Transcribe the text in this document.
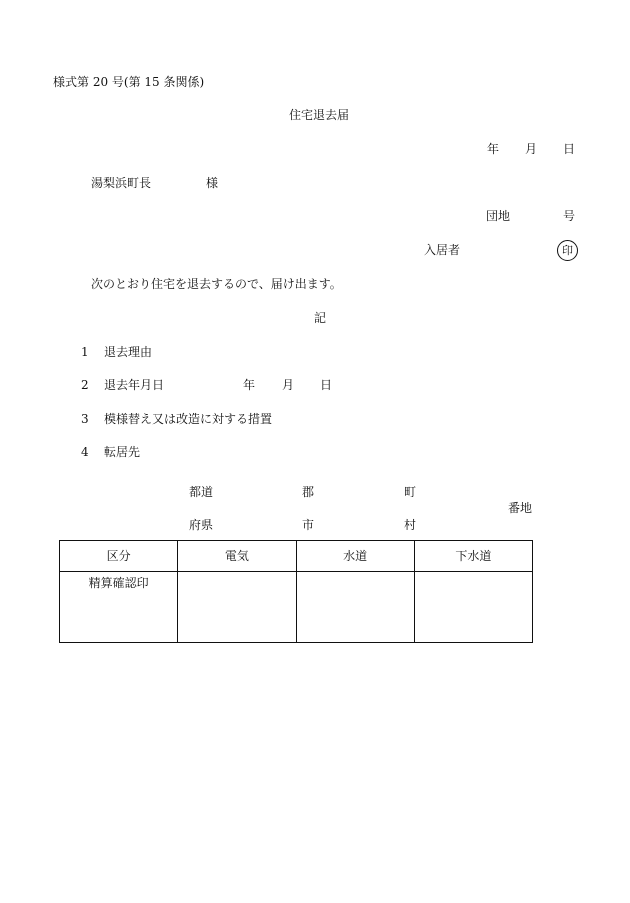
様式第 20 号(第 15 条関係)
住宅退去届
年 月 日
湯梨浜町長	様
団地	号
入居者	印
次のとおり住宅を退去するので、届け出ます。
記
1 退去理由
2 退去年月日	年 月 日
3 模様替え又は改造に対する措置
4 転居先
都道
府県
郡
市
町
村
番地
区分	電気	水道	下水道
精算確認印			
